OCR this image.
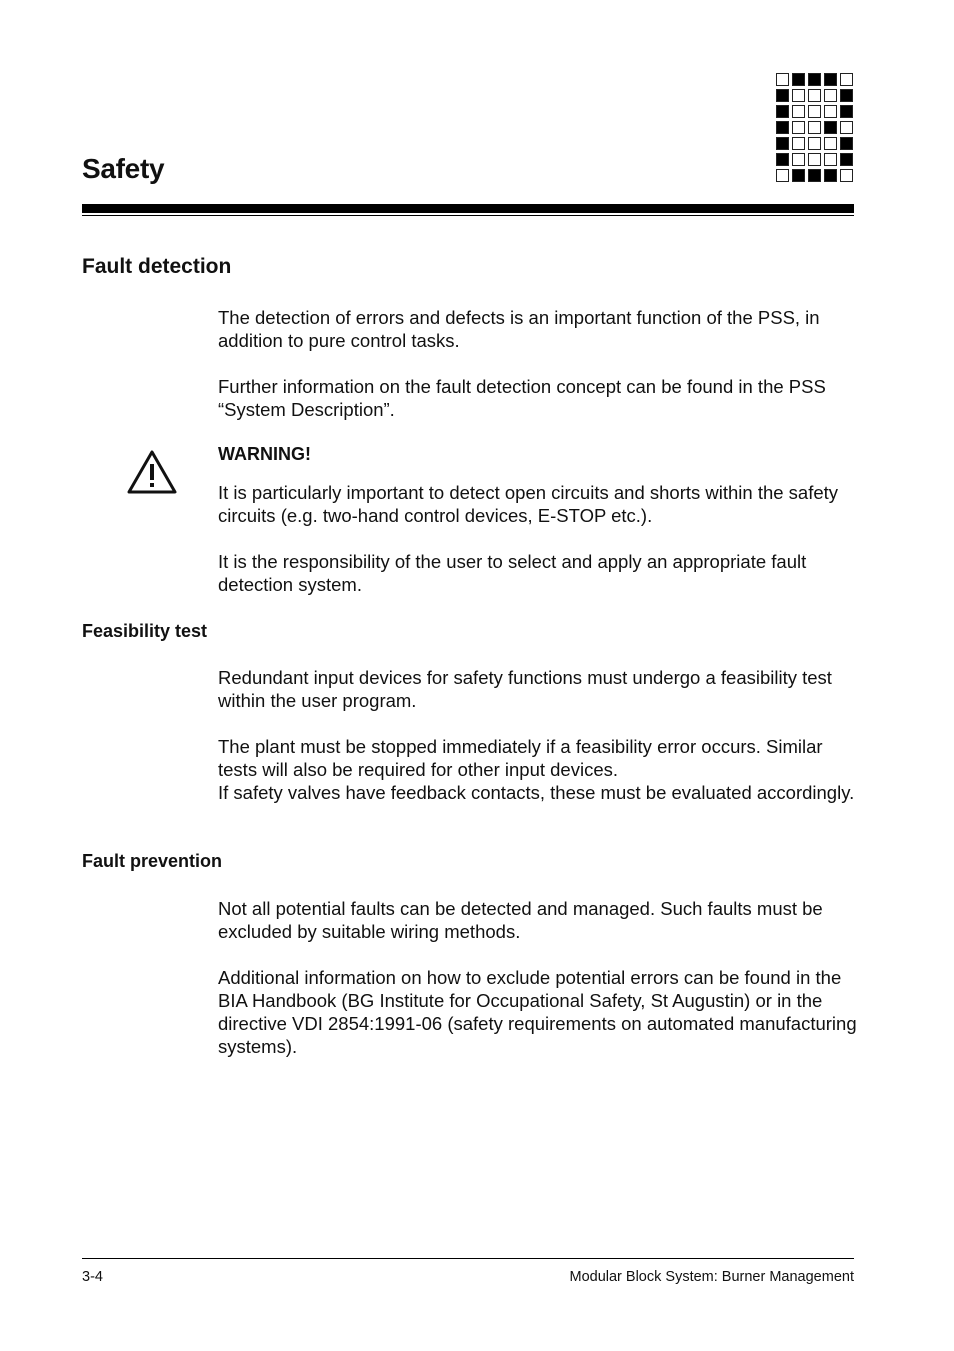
Safety
Fault detection

The detection of errors and defects is an important function of the PSS, in addition to pure control tasks.

Further information on the fault detection concept can be found in the PSS “System Description”.

WARNING!

It is particularly important to detect open circuits and shorts within the safety circuits (e.g. two-hand control devices, E-STOP etc.).

It is the responsibility of the user to select and apply an appropriate fault detection system.

Feasibility test

Redundant input devices for safety functions must undergo a feasibility test within the user program.

The plant must be stopped immediately if a feasibility error occurs. Similar tests will also be required for other input devices.

If safety valves have feedback contacts, these must be evaluated accordingly.

Fault prevention

Not all potential faults can be detected and managed. Such faults must be excluded by suitable wiring methods.

Additional information on how to exclude potential errors can be found in the BIA Handbook (BG Institute for Occupational Safety, St Augustin) or in the directive VDI 2854:1991-06 (safety requirements on automated manufacturing systems).

3-4	Modular Block System: Burner Management
